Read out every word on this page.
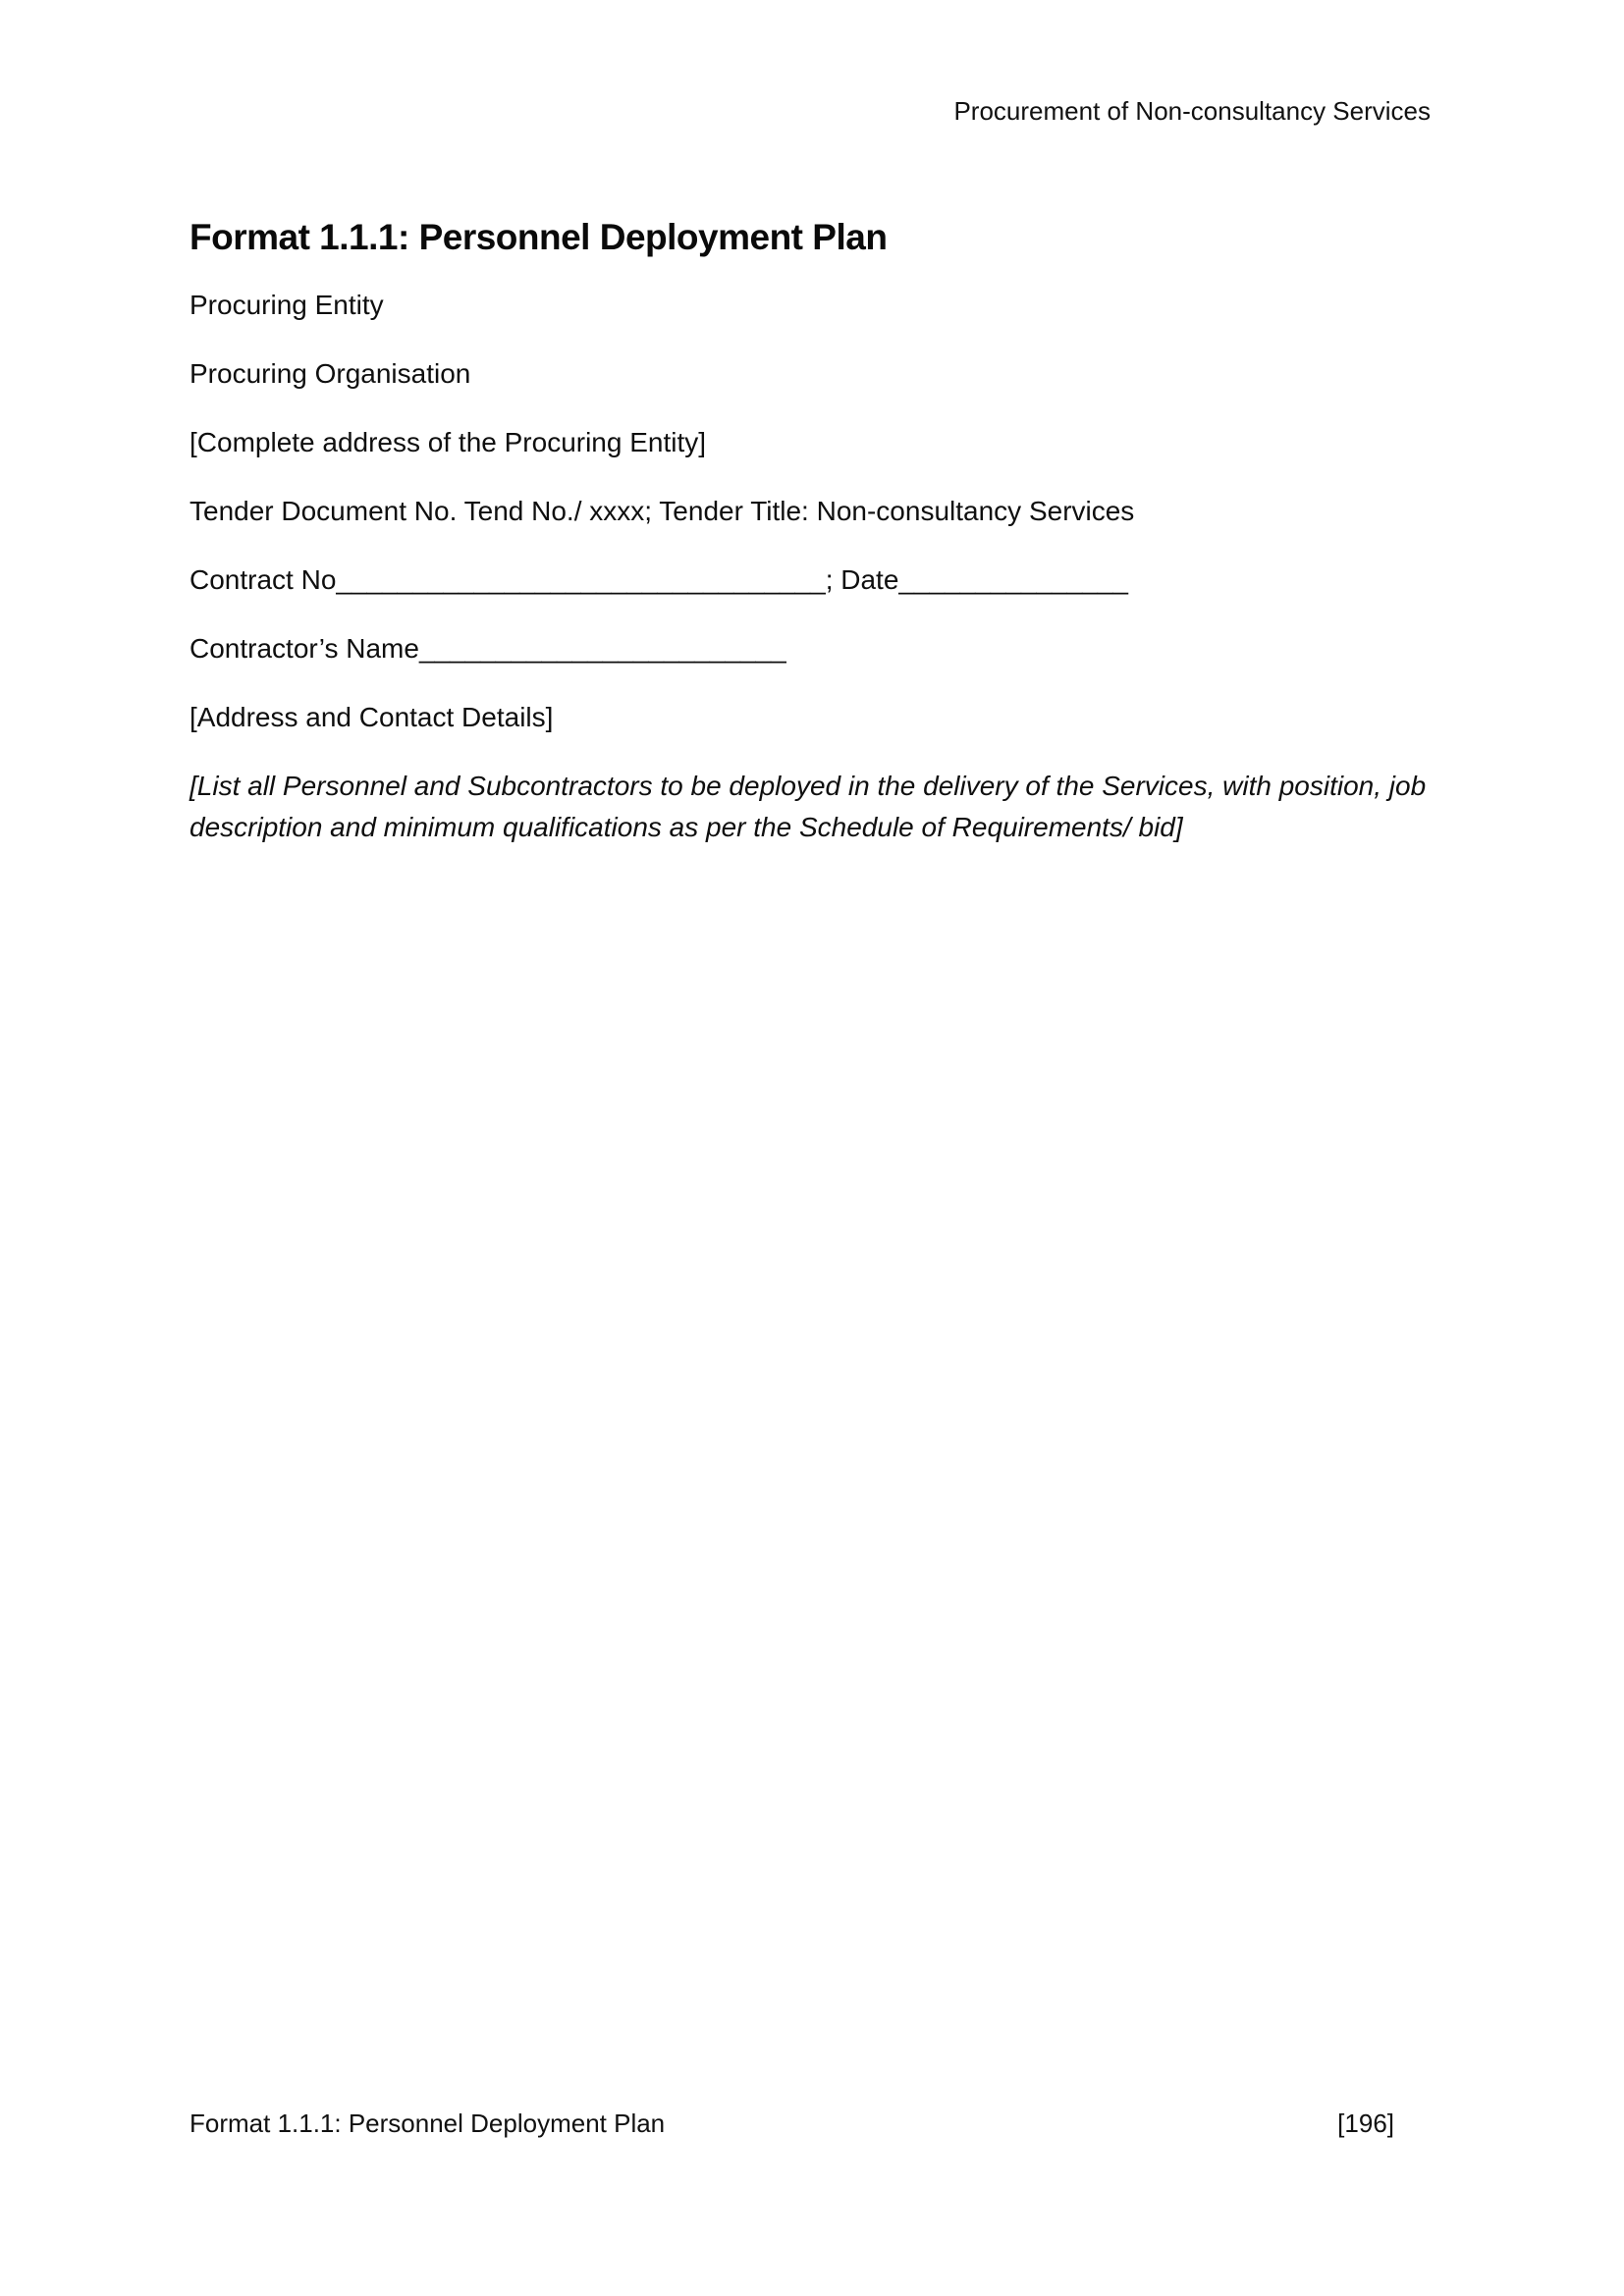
Procurement of Non-consultancy Services
Format 1.1.1: Personnel Deployment Plan

Procuring Entity

Procuring Organisation

[Complete address of the Procuring Entity]

Tender Document No. Tend No./ xxxx; Tender Title: Non-consultancy Services

Contract No________________________________; Date_______________

Contractor’s Name________________________

[Address and Contact Details]

[List all Personnel and Subcontractors to be deployed in the delivery of the Services, with position, job description and minimum qualifications as per the Schedule of Requirements/ bid]

Format 1.1.1: Personnel Deployment Plan	[196]
